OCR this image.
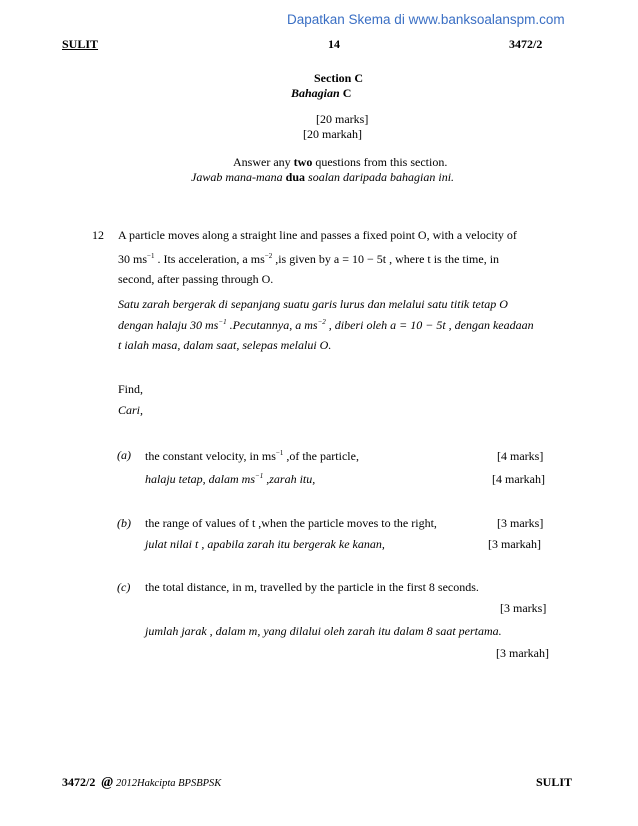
Dapatkan Skema di www.banksoalanspm.com
SULIT	14	3472/2
Section C
Bahagian C
[20 marks]
[20 markah]
Answer any two questions from this section.
Jawab mana-mana dua soalan daripada bahagian ini.
12 A particle moves along a straight line and passes a fixed point O, with a velocity of
30 $ms^{-1}$ . Its acceleration, a $ms^{-2}$ ,is given by a = 10 − 5t , where t is the time, in
second, after passing through O.
Satu zarah bergerak di sepanjang suatu garis lurus dan melalui satu titik tetap O
dengan halaju 30 $ms^{-1}$ .Pecutannya, a $ms^{-2}$ , diberi oleh a = 10 − 5t , dengan keadaan
t ialah masa, dalam saat, selepas melalui O.
Find,
Cari,
(a) the constant velocity, in $ms^{-1}$ ,of the particle,	[4 marks]
halaju tetap, dalam $ms^{-1}$ ,zarah itu,	[4 markah]
(b) the range of values of t ,when the particle moves to the right,	[3 marks]
julat nilai t , apabila zarah itu bergerak ke kanan,	[3 markah]
(c) the total distance, in m, travelled by the particle in the first 8 seconds.
[3 marks]
jumlah jarak , dalam m, yang dilalui oleh zarah itu dalam 8 saat pertama.
[3 markah]
3472/2 @ 2012Hakcipta BPSBPSK	SULIT
